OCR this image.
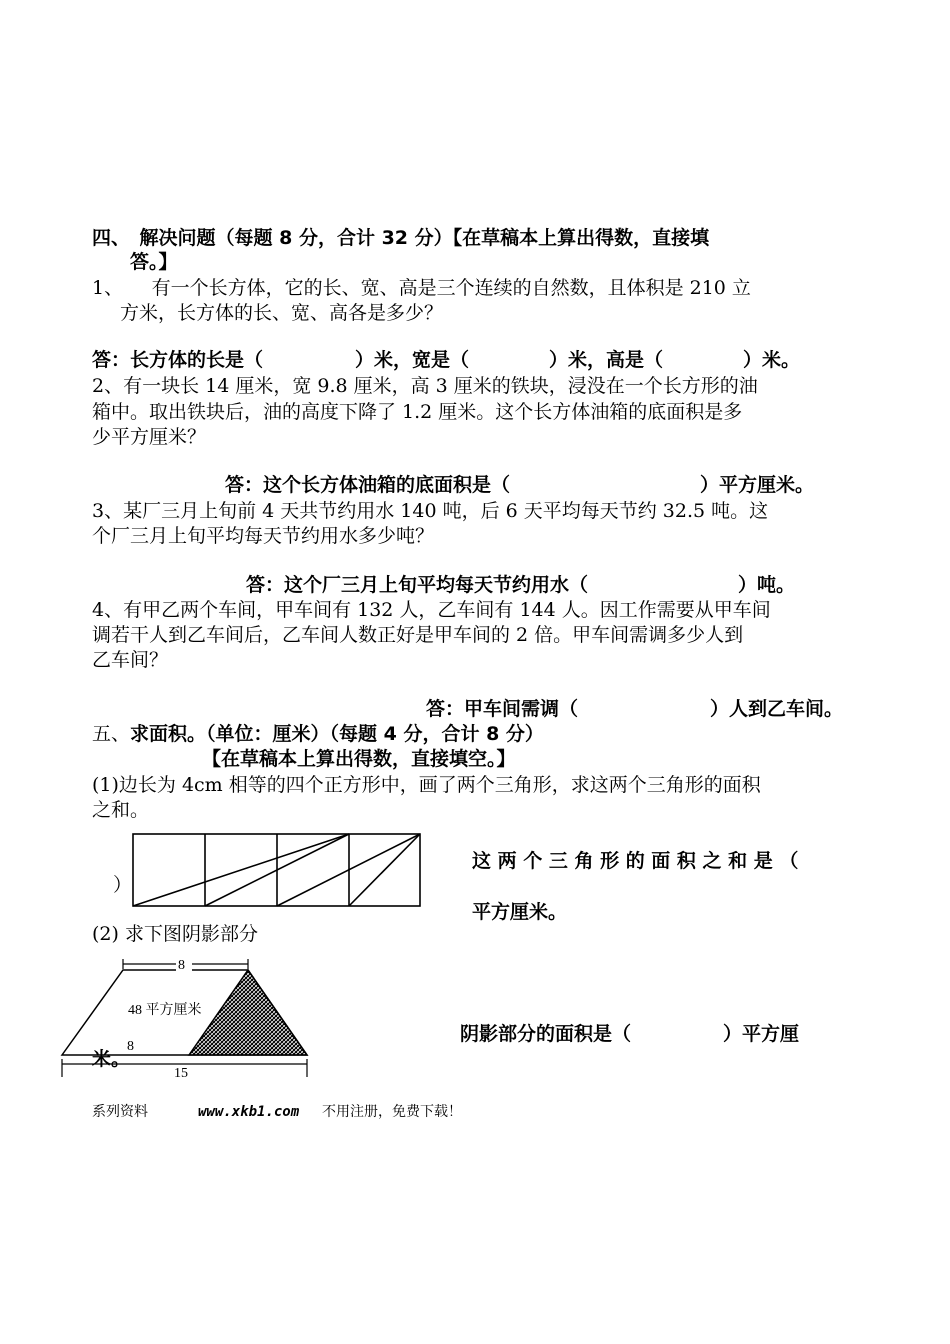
四、　解决问题（每题 8 分，合计 32 分）【在草稿本上算出得数，直接填
答。】
1、　　有一个长方体，它的长、宽、高是三个连续的自然数，且体积是 210 立
方米，长方体的长、宽、高各是多少？
答：长方体的长是（	）米，宽是（	）米，高是（	）米。
2、有一块长 14 厘米，宽 9.8 厘米，高 3 厘米的铁块，浸没在一个长方形的油
箱中。取出铁块后，油的高度下降了 1.2 厘米。这个长方体油箱的底面积是多
少平方厘米？
答：这个长方体油箱的底面积是（	）平方厘米。
3、某厂三月上旬前 4 天共节约用水 140 吨，后 6 天平均每天节约 32.5 吨。这
个厂三月上旬平均每天节约用水多少吨？
答：这个厂三月上旬平均每天节约用水（	）吨。
4、有甲乙两个车间，甲车间有 132 人，乙车间有 144 人。因工作需要从甲车间
调若干人到乙车间后，乙车间人数正好是甲车间的 2 倍。甲车间需调多少人到
乙车间？
答：甲车间需调（	）人到乙车间。
五、求面积。（单位：厘米）（每题 4 分，合计 8 分）
【在草稿本上算出得数，直接填空。】
(1)边长为 4cm 相等的四个正方形中，画了两个三角形，求这两个三角形的面积
之和。
）
这 两 个 三 角 形 的 面 积 之 和 是 （
平方厘米。
(2) 求下图阴影部分
8
48 平方厘米
8
15
阴影部分的面积是（	）平方厘
米。
系列资料	www.xkb1.com 不用注册，免费下载！
